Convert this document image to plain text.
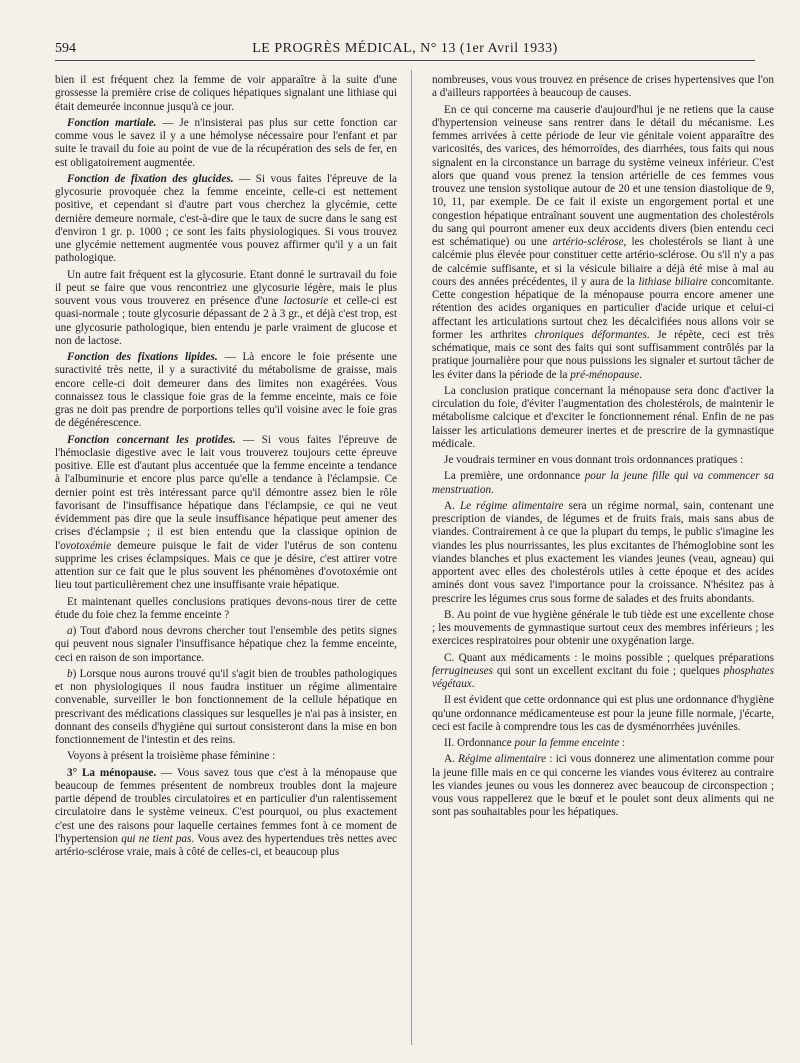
594	LE PROGRÈS MÉDICAL, N° 13 (1er Avril 1933)

bien il est fréquent chez la femme de voir apparaître à la suite d'une grossesse la première crise de coliques hépatiques signalant une lithiase qui était demeurée inconnue jusqu'à ce jour.

Fonction martiale. — Je n'insisterai pas plus sur cette fonction car comme vous le savez il y a une hémolyse nécessaire pour l'enfant et par suite le travail du foie au point de vue de la récupération des sels de fer, en est obligatoirement augmentée.

Fonction de fixation des glucides. — Si vous faites l'épreuve de la glycosurie provoquée chez la femme enceinte, celle-ci est nettement positive, et cependant si d'autre part vous cherchez la glycémie, cette dernière demeure normale, c'est-à-dire que le taux de sucre dans le sang est d'environ 1 gr. p. 1000 ; ce sont les faits physiologiques. Si vous trouvez une glycémie nettement augmentée vous pouvez affirmer qu'il y a un fait pathologique.

Un autre fait fréquent est la glycosurie. Etant donné le surtravail du foie il peut se faire que vous rencontriez une glycosurie légère, mais le plus souvent vous vous trouverez en présence d'une lactosurie et celle-ci est quasi-normale ; toute glycosurie dépassant de 2 à 3 gr., et déjà c'est trop, est une glycosurie pathologique, bien entendu je parle vraiment de glucose et non de lactose.

Fonction des fixations lipides. — Là encore le foie présente une suractivité très nette, il y a suractivité du métabolisme de graisse, mais encore celle-ci doit demeurer dans des limites non exagérées. Vous connaissez tous le classique foie gras de la femme enceinte, mais ce foie gras ne doit pas prendre de porportions telles qu'il voisine avec le foie gras de dégénérescence.

Fonction concernant les protides. — Si vous faites l'épreuve de l'hémoclasie digestive avec le lait vous trouverez toujours cette épreuve positive. Elle est d'autant plus accentuée que la femme enceinte a tendance à l'albuminurie et encore plus parce qu'elle a tendance à l'éclampsie. Ce dernier point est très intéressant parce qu'il démontre assez bien le rôle favorisant de l'insuffisance hépatique dans l'éclampsie, ce qui ne veut évidemment pas dire que la seule insuffisance hépatique peut amener des crises d'éclampsie ; il est bien entendu que la classique opinion de l'ovotoxémie demeure puisque le fait de vider l'utérus de son contenu supprime les crises éclampsiques. Mais ce que je désire, c'est attirer votre attention sur ce fait que le plus souvent les phénomènes d'ovotoxémie ont lieu tout particulièrement chez une insuffisante vraie hépatique.

Et maintenant quelles conclusions pratiques devons-nous tirer de cette étude du foie chez la femme enceinte ?

a) Tout d'abord nous devrons chercher tout l'ensemble des petits signes qui peuvent nous signaler l'insuffisance hépatique chez la femme enceinte, ceci en raison de son importance.

b) Lorsque nous aurons trouvé qu'il s'agit bien de troubles pathologiques et non physiologiques il nous faudra instituer un régime alimentaire convenable, surveiller le bon fonctionnement de la cellule hépatique en prescrivant des médications classiques sur lesquelles je n'ai pas à insister, en donnant des conseils d'hygiène qui surtout consisteront dans la mise en bon fonctionnement de l'intestin et des reins.

Voyons à présent la troisième phase féminine :

3° La ménopause. — Vous savez tous que c'est à la ménopause que beaucoup de femmes présentent de nombreux troubles dont la majeure partie dépend de troubles circulatoires et en particulier d'un ralentissement circulatoire dans le système veineux. C'est pourquoi, ou plus exactement c'est une des raisons pour laquelle certaines femmes font à ce moment de l'hypertension qui ne tient pas. Vous avez des hypertendues très nettes avec artério-sclérose vraie, mais à côté de celles-ci, et beaucoup plus

nombreuses, vous vous trouvez en présence de crises hypertensives que l'on a d'ailleurs rapportées à beaucoup de causes.

En ce qui concerne ma causerie d'aujourd'hui je ne retiens que la cause d'hypertension veineuse sans rentrer dans le détail du mécanisme. Les femmes arrivées à cette période de leur vie génitale voient apparaître des varicosités, des varices, des hémorroïdes, des diarrhées, tous faits qui nous signalent en la circonstance un barrage du système veineux inférieur. C'est alors que quand vous prenez la tension artérielle de ces femmes vous trouvez une tension systolique autour de 20 et une tension diastolique de 9, 10, 11, par exemple. De ce fait il existe un engorgement portal et une congestion hépatique entraînant souvent une augmentation des cholestérols du sang qui pourront amener eux deux accidents divers (bien entendu ceci est schématique) ou une artério-sclérose, les cholestérols se liant à une calcémie plus élevée pour constituer cette artério-sclérose. Ou s'il n'y a pas de calcémie suffisante, et si la vésicule biliaire a déjà été mise à mal au cours des années précédentes, il y aura de la lithiase biliaire concomitante. Cette congestion hépatique de la ménopause pourra encore amener une rétention des acides organiques en particulier d'acide urique et celui-ci affectant les articulations surtout chez les décalcifiées nous allons voir se former les arthrites chroniques déformantes. Je répète, ceci est très schématique, mais ce sont des faits qui sont suffisamment contrôlés par la pratique journalière pour que nous puissions les signaler et surtout tâcher de les éviter dans la période de la pré-ménopause.

La conclusion pratique concernant la ménopause sera donc d'activer la circulation du foie, d'éviter l'augmentation des cholestérols, de maintenir le métabolisme calcique et d'exciter le fonctionnement rénal. Enfin de ne pas laisser les articulations demeurer inertes et de prescrire de la gymnastique médicale.

Je voudrais terminer en vous donnant trois ordonnances pratiques :

La première, une ordonnance pour la jeune fille qui va commencer sa menstruation.

A. Le régime alimentaire sera un régime normal, sain, contenant une prescription de viandes, de légumes et de fruits frais, mais sans abus de viandes. Contrairement à ce que la plupart du temps, le public s'imagine les viandes les plus nourrissantes, les plus excitantes de l'hémoglobine sont les viandes blanches et plus exactement les viandes jeunes (veau, agneau) qui apportent avec elles des cholestérols utiles à cette époque et des acides aminés dont vous savez l'importance pour la croissance. N'hésitez pas à prescrire les légumes crus sous forme de salades et des fruits abondants.

B. Au point de vue hygiène générale le tub tiède est une excellente chose ; les mouvements de gymnastique surtout ceux des membres inférieurs ; les exercices respiratoires pour obtenir une oxygénation large.

C. Quant aux médicaments : le moins possible ; quelques préparations ferrugineuses qui sont un excellent excitant du foie ; quelques phosphates végétaux.

Il est évident que cette ordonnance qui est plus une ordonnance d'hygiène qu'une ordonnance médicamenteuse est pour la jeune fille normale, j'écarte, ceci est facile à comprendre tous les cas de dysménorrhées juvéniles.

II. Ordonnance pour la femme enceinte :

A. Régime alimentaire : ici vous donnerez une alimentation comme pour la jeune fille mais en ce qui concerne les viandes vous éviterez au contraire les viandes jeunes ou vous les donnerez avec beaucoup de circonspection ; vous vous rappellerez que le bœuf et le poulet sont deux aliments qui ne sont pas souhaitables pour les hépatiques.
